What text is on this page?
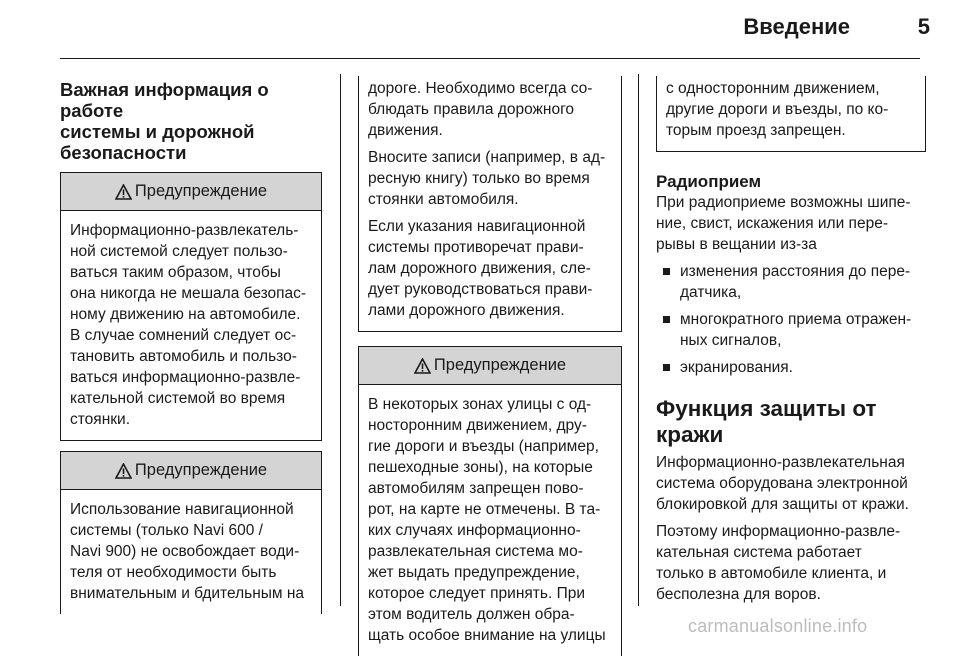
Введение	5
Важная информация о работе
системы и дорожной
безопасности
Предупреждение
Информационно-развлекатель-
ной системой следует пользо-
ваться таким образом, чтобы
она никогда не мешала безопас-
ному движению на автомобиле.
В случае сомнений следует ос-
тановить автомобиль и пользо-
ваться информационно-развле-
кательной системой во время
стоянки.
Предупреждение
Использование навигационной
системы (только Navi 600 /
Navi 900) не освобождает води-
теля от необходимости быть
внимательным и бдительным на

дороге. Необходимо всегда со-
блюдать правила дорожного
движения.

Вносите записи (например, в ад-
ресную книгу) только во время
стоянки автомобиля.

Если указания навигационной
системы противоречат прави-
лам дорожного движения, сле-
дует руководствоваться прави-
лами дорожного движения.

Предупреждение
В некоторых зонах улицы с од-
носторонним движением, дру-
гие дороги и въезды (например,
пешеходные зоны), на которые
автомобилям запрещен пово-
рот, на карте не отмечены. В та-
ких случаях информационно-
развлекательная система мо-
жет выдать предупреждение,
которое следует принять. При
этом водитель должен обра-
щать особое внимание на улицы
с односторонним движением,
другие дороги и въезды, по ко-
торым проезд запрещен.
Радиоприем

При радиоприеме возможны шипе-
ние, свист, искажения или пере-
рывы в вещании из-за

изменения расстояния до пере-
датчика,
многократного приема отражен-
ных сигналов,
экранирования.
Функция защиты от
кражи

Информационно-развлекательная
система оборудована электронной
блокировкой для защиты от кражи.

Поэтому информационно-развле-
кательная система работает
только в автомобиле клиента, и
бесполезна для воров.

carmanualsonline.info
